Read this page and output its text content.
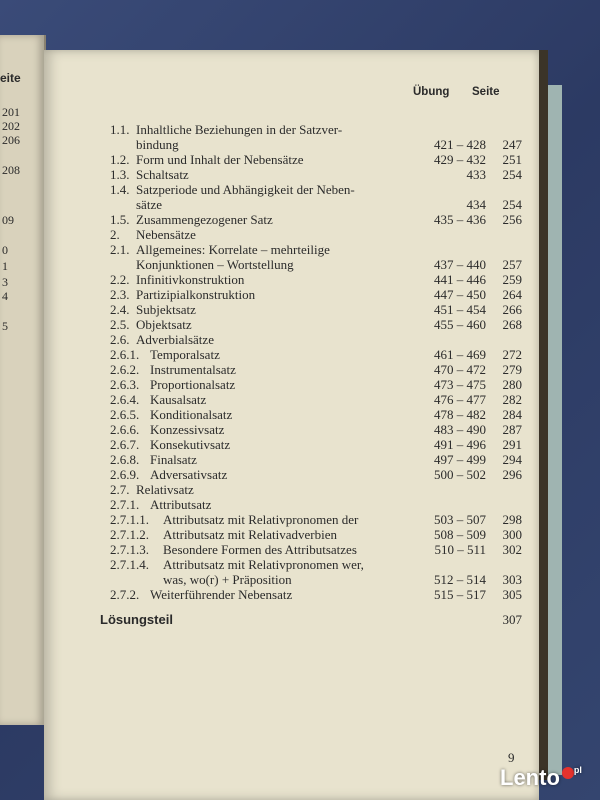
eite
201
202
206
208
09
0
1
3
4
5
Übung Seite
1.1. Inhaltliche Beziehungen in der Satzver-
bindung	421 – 428	247
1.2. Form und Inhalt der Nebensätze	429 – 432	251
1.3. Schaltsatz	433	254
1.4. Satzperiode und Abhängigkeit der Neben-
sätze	434	254
1.5. Zusammengezogener Satz	435 – 436	256
2. Nebensätze
2.1. Allgemeines: Korrelate – mehrteilige
Konjunktionen – Wortstellung	437 – 440	257
2.2. Infinitivkonstruktion	441 – 446	259
2.3. Partizipialkonstruktion	447 – 450	264
2.4. Subjektsatz	451 – 454	266
2.5. Objektsatz	455 – 460	268
2.6. Adverbialsätze
2.6.1. Temporalsatz	461 – 469	272
2.6.2. Instrumentalsatz	470 – 472	279
2.6.3. Proportionalsatz	473 – 475	280
2.6.4. Kausalsatz	476 – 477	282
2.6.5. Konditionalsatz	478 – 482	284
2.6.6. Konzessivsatz	483 – 490	287
2.6.7. Konsekutivsatz	491 – 496	291
2.6.8. Finalsatz	497 – 499	294
2.6.9. Adversativsatz	500 – 502	296
2.7. Relativsatz
2.7.1. Attributsatz
2.7.1.1. Attributsatz mit Relativpronomen der	503 – 507	298
2.7.1.2. Attributsatz mit Relativadverbien	508 – 509	300
2.7.1.3. Besondere Formen des Attributsatzes	510 – 511	302
2.7.1.4. Attributsatz mit Relativpronomen wer,
was, wo(r) + Präposition	512 – 514	303
2.7.2. Weiterführender Nebensatz	515 – 517	305
Lösungsteil	307
9
Lento $^{pl}$
